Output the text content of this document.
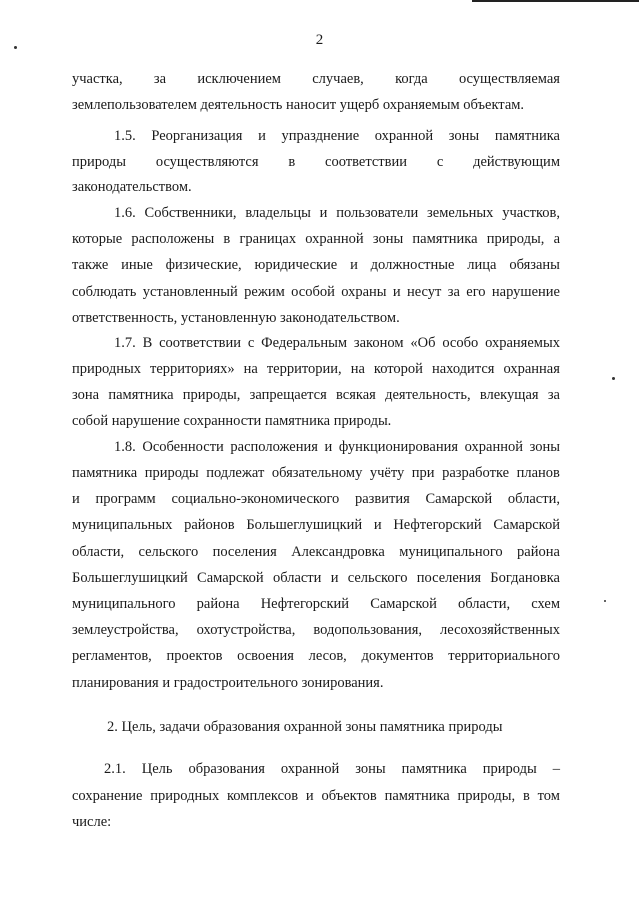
2
участка, за исключением случаев, когда осуществляемая
землепользователем деятельность наносит ущерб охраняемым объектам.
1.5. Реорганизация и упразднение охранной зоны памятника
природы осуществляются в соответствии с действующим
законодательством.
1.6. Собственники, владельцы и пользователи земельных участков,
которые расположены в границах охранной зоны памятника природы, а
также иные физические, юридические и должностные лица обязаны
соблюдать установленный режим особой охраны и несут за его нарушение
ответственность, установленную законодательством.
1.7. В соответствии с Федеральным законом «Об особо охраняемых
природных территориях» на территории, на которой находится охранная
зона памятника природы, запрещается всякая деятельность, влекущая за
собой нарушение сохранности памятника природы.
1.8. Особенности расположения и функционирования охранной зоны
памятника природы подлежат обязательному учёту при разработке планов
и программ социально-экономического развития Самарской области,
муниципальных районов Большеглушицкий и Нефтегорский Самарской
области, сельского поселения Александровка муниципального района
Большеглушицкий Самарской области и сельского поселения Богдановка
муниципального района Нефтегорский Самарской области, схем
землеустройства, охотустройства, водопользования, лесохозяйственных
регламентов, проектов освоения лесов, документов территориального
планирования и градостроительного зонирования.
2. Цель, задачи образования охранной зоны памятника природы
2.1. Цель образования охранной зоны памятника природы –
сохранение природных комплексов и объектов памятника природы, в том
числе:
